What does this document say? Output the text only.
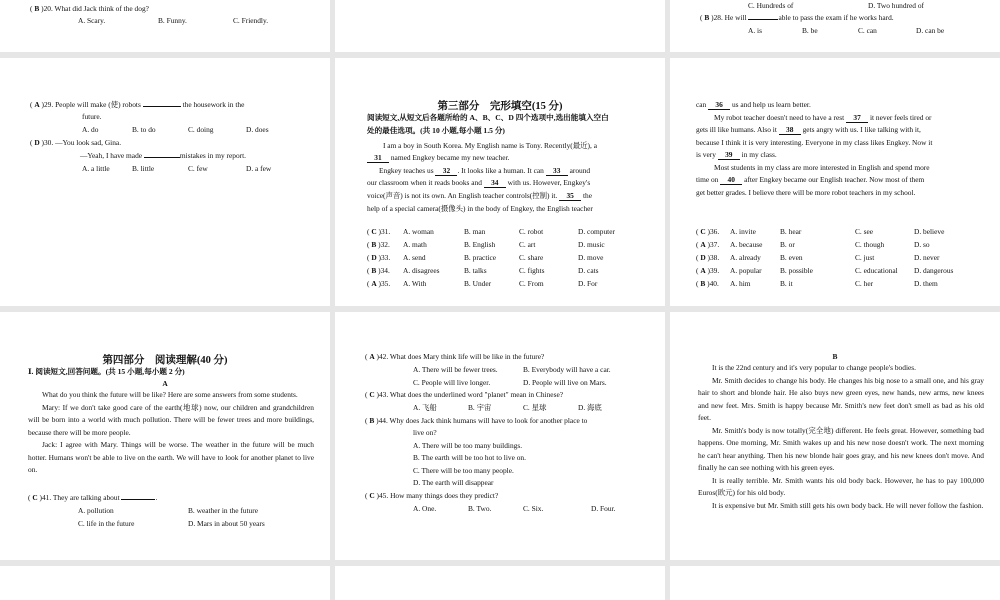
( B )20. What did Jack think of the dog?
A. Scary.	B. Funny.	C. Friendly.
C. Hundreds of	D. Two hundred of
( B )28. He will	able to pass the exam if he works hard.
A. is	B. be	C. can	D. can be
( A )29. People will make (使) robots	the housework in the
future.
A. do	B. to do	C. doing	D. does
( D )30. —You look sad, Gina.
—Yeah, I have made	mistakes in my report.
A. a little	B. little	C. few	D. a few
第三部分　完形填空(15 分)
阅读短文,从短文后各题所给的 A、B、C、D 四个选项中,选出能填入空白
处的最佳选项。(共 10 小题,每小题 1.5 分)
I am a boy in South Korea. My English name is Tony. Recently(最近), a
31 named Engkey became my new teacher.
Engkey teaches us 32 . It looks like a human. It can 33 around
our classroom when it reads books and 34 with us. However, Engkey's
voice(声音) is not its own. An English teacher controls(控制) it. 35 the
help of a special camera(摄像头) in the body of Engkey, the English teacher
( C )31. A. woman	B. man	C. robot	D. computer
( B )32. A. math	B. English	C. art	D. music
( D )33. A. send	B. practice	C. share	D. move
( B )34. A. disagrees	B. talks	C. fights	D. cats
( A )35. A. With	B. Under	C. From	D. For
can 36 us and help us learn better.
My robot teacher doesn't need to have a rest 37 it never feels tired or
gets ill like humans. Also it 38 gets angry with us. I like talking with it,
because I think it is very interesting. Everyone in my class likes Engkey. Now it
is very 39 in my class.
Most students in my class are more interested in English and spend more
time on 40 after Engkey became our English teacher. Now most of them
get better grades. I believe there will be more robot teachers in my school.
( C )36. A. invite	B. hear	C. see	D. believe
( A )37. A. because B. or	C. though	D. so
( D )38. A. already	B. even	C. just	D. never
( A )39. A. popular B. possible	C. educational D. dangerous
( B )40. A. him	B. it	C. her	D. them
第四部分　阅读理解(40 分)
Ⅰ. 阅读短文,回答问题。(共 15 小题,每小题 2 分)
A

What do you think the future will be like? Here are some answers from some students.

Mary: If we don't take good care of the earth(地球) now, our children and grandchildren will be born into a world with much pollution. There will be fewer trees and more buildings, because there will be more people.

Jack: I agree with Mary. Things will be worse. The weather in the future will be much hotter. Humans won't be able to live on the earth. We will have to look for another planet to live on.

( C )41. They are talking about	.
A. pollution	B. weather in the future
C. life in the future	D. Mars in about 50 years
( A )42. What does Mary think life will be like in the future?
A. There will be fewer trees.	B. Everybody will have a car.
C. People will live longer.	D. People will live on Mars.
( C )43. What does the underlined word "planet" mean in Chinese?
A. 飞船	B. 宇宙	C. 星球	D. 海底
( B )44. Why does Jack think humans will have to look for another place to
live on?
A. There will be too many buildings.
B. The earth will be too hot to live on.
C. There will be too many people.
D. The earth will disappear
( C )45. How many things does they predict?
A. One.	B. Two.	C. Six.	D. Four.
B

It is the 22nd century and it's very popular to change people's bodies.

Mr. Smith decides to change his body. He changes his big nose to a small one, and his gray hair to short and blonde hair. He also buys new green eyes, new hands, new arms, new knees and new feet. Mrs. Smith is happy because Mr. Smith's new feet don't smell as bad as his old feet.

Mr. Smith's body is now totally(完全地) different. He feels great. However, something bad happens. One morning, Mr. Smith wakes up and his new nose doesn't work. The next morning he can't hear anything. Then his new blonde hair goes gray, and his new knees don't move. And finally he can see nothing with his green eyes.

It is really terrible. Mr. Smith wants his old body back. However, he has to pay 100,000 Euros(欧元) for his old body.

It is expensive but Mr. Smith still gets his own body back. He will never follow the fashion.
